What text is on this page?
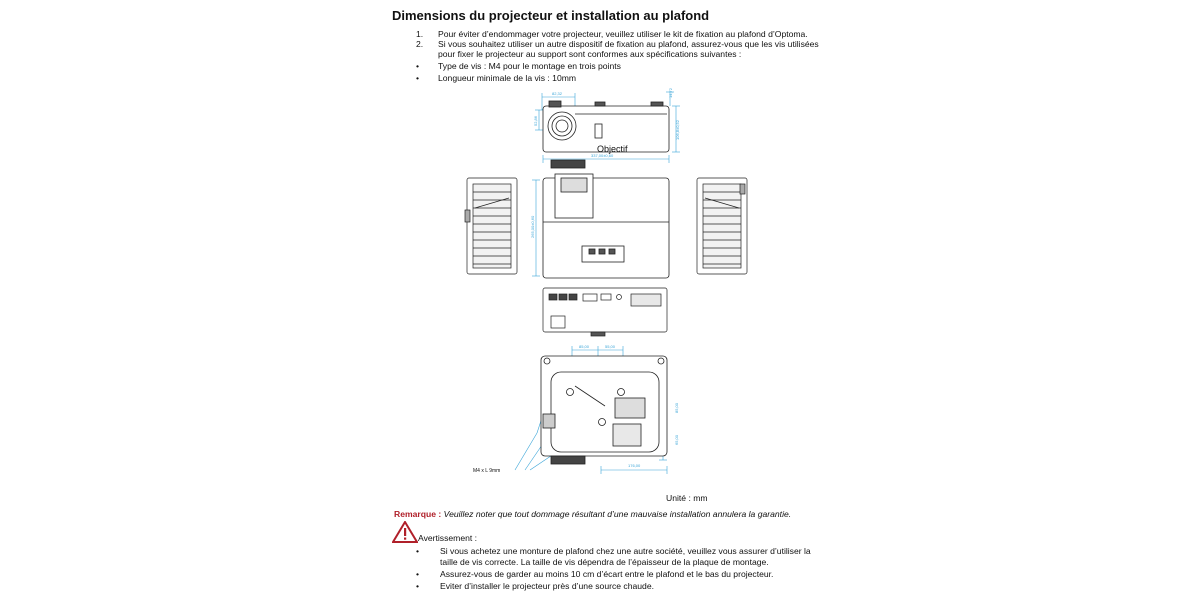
Dimensions du projecteur et installation au plafond
1. Pour éviter d’endommager votre projecteur, veuillez utiliser le kit de fixation au plafond d’Optoma.
2. Si vous souhaitez utiliser un autre dispositif de fixation au plafond, assurez-vous que les vis utilisées
pour fixer le projecteur au support sont conformes aux spécifications suivantes :
• Type de vis : M4 pour le montage en trois points
• Longueur minimale de la vis : 10mm
82,32	14,72
106,8±0,52
52,86
337,00±0,60
265,00±0,60
85,00	55,00
85,00
65,00
176,00
Objectif
M4 x L 9mm
Unité : mm
Remarque : Veuillez noter que tout dommage résultant d’une mauvaise installation annulera la garantie.
Avertissement :
• Si vous achetez une monture de plafond chez une autre société, veuillez vous assurer d’utiliser la
taille de vis correcte. La taille de vis dépendra de l’épaisseur de la plaque de montage.
• Assurez-vous de garder au moins 10 cm d’écart entre le plafond et le bas du projecteur.
• Eviter d’installer le projecteur près d’une source chaude.
